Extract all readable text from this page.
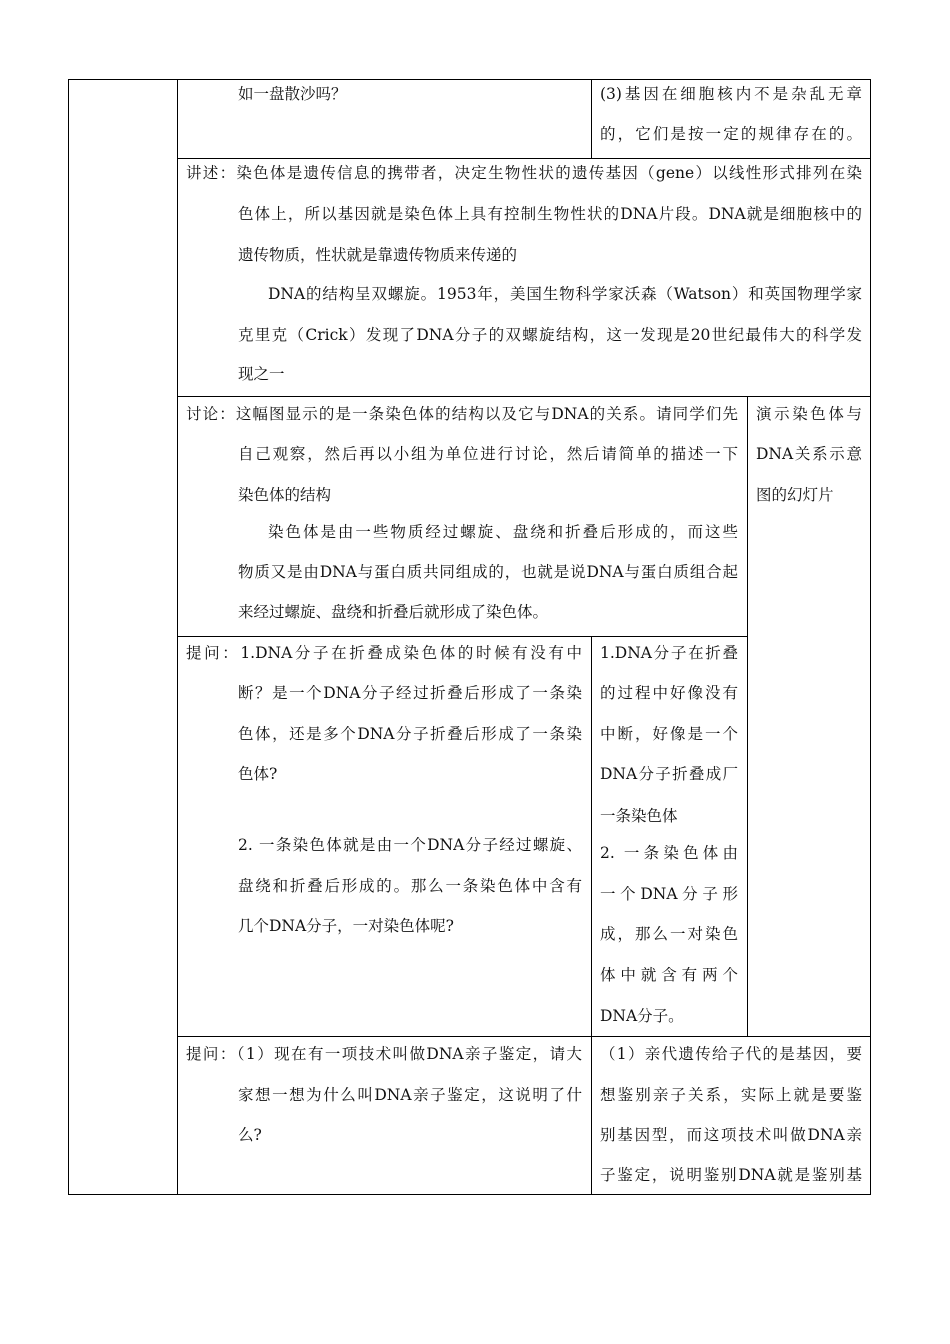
如一盘散沙吗？	(3)基因在细胞核内不是杂乱无章
的，它们是按一定的规律存在的。
讲述：染色体是遗传信息的携带者，决定生物性状的遗传基因（gene）以线性形式排列在染
色体上，所以基因就是染色体上具有控制生物性状的DNA片段。DNA就是细胞核中的
遗传物质，性状就是靠遗传物质来传递的
DNA的结构呈双螺旋。1953年，美国生物科学家沃森（Watson）和英国物理学家
克里克（Crick）发现了DNA分子的双螺旋结构，这一发现是20世纪最伟大的科学发
现之一
讨论：这幅图显示的是一条染色体的结构以及它与DNA的关系。请同学们先
自己观察，然后再以小组为单位进行讨论，然后请简单的描述一下
染色体的结构
染色体是由一些物质经过螺旋、盘绕和折叠后形成的，而这些
物质又是由DNA与蛋白质共同组成的，也就是说DNA与蛋白质组合起
来经过螺旋、盘绕和折叠后就形成了染色体。
演示染色体与
DNA关系示意
图的幻灯片
提问：1.DNA分子在折叠成染色体的时候有没有中
断？是一个DNA分子经过折叠后形成了一条染
色体，还是多个DNA分子折叠后形成了一条染
色体?
2. 一条染色体就是由一个DNA分子经过螺旋、
盘绕和折叠后形成的。那么一条染色体中含有
几个DNA分子，一对染色体呢?
1.DNA分子在折叠
的过程中好像没有
中断，好像是一个
DNA分子折叠成厂
一条染色体
2. 一条染色体由
一个DNA分子形
成，那么一对染色
体中就含有两个
DNA分子。
提问：（1）现在有一项技术叫做DNA亲子鉴定，请大
家想一想为什么叫DNA亲子鉴定，这说明了什
么?
（1）亲代遗传给子代的是基因，要
想鉴别亲子关系，实际上就是要鉴
别基因型，而这项技术叫做DNA亲
子鉴定，说明鉴别DNA就是鉴别基
